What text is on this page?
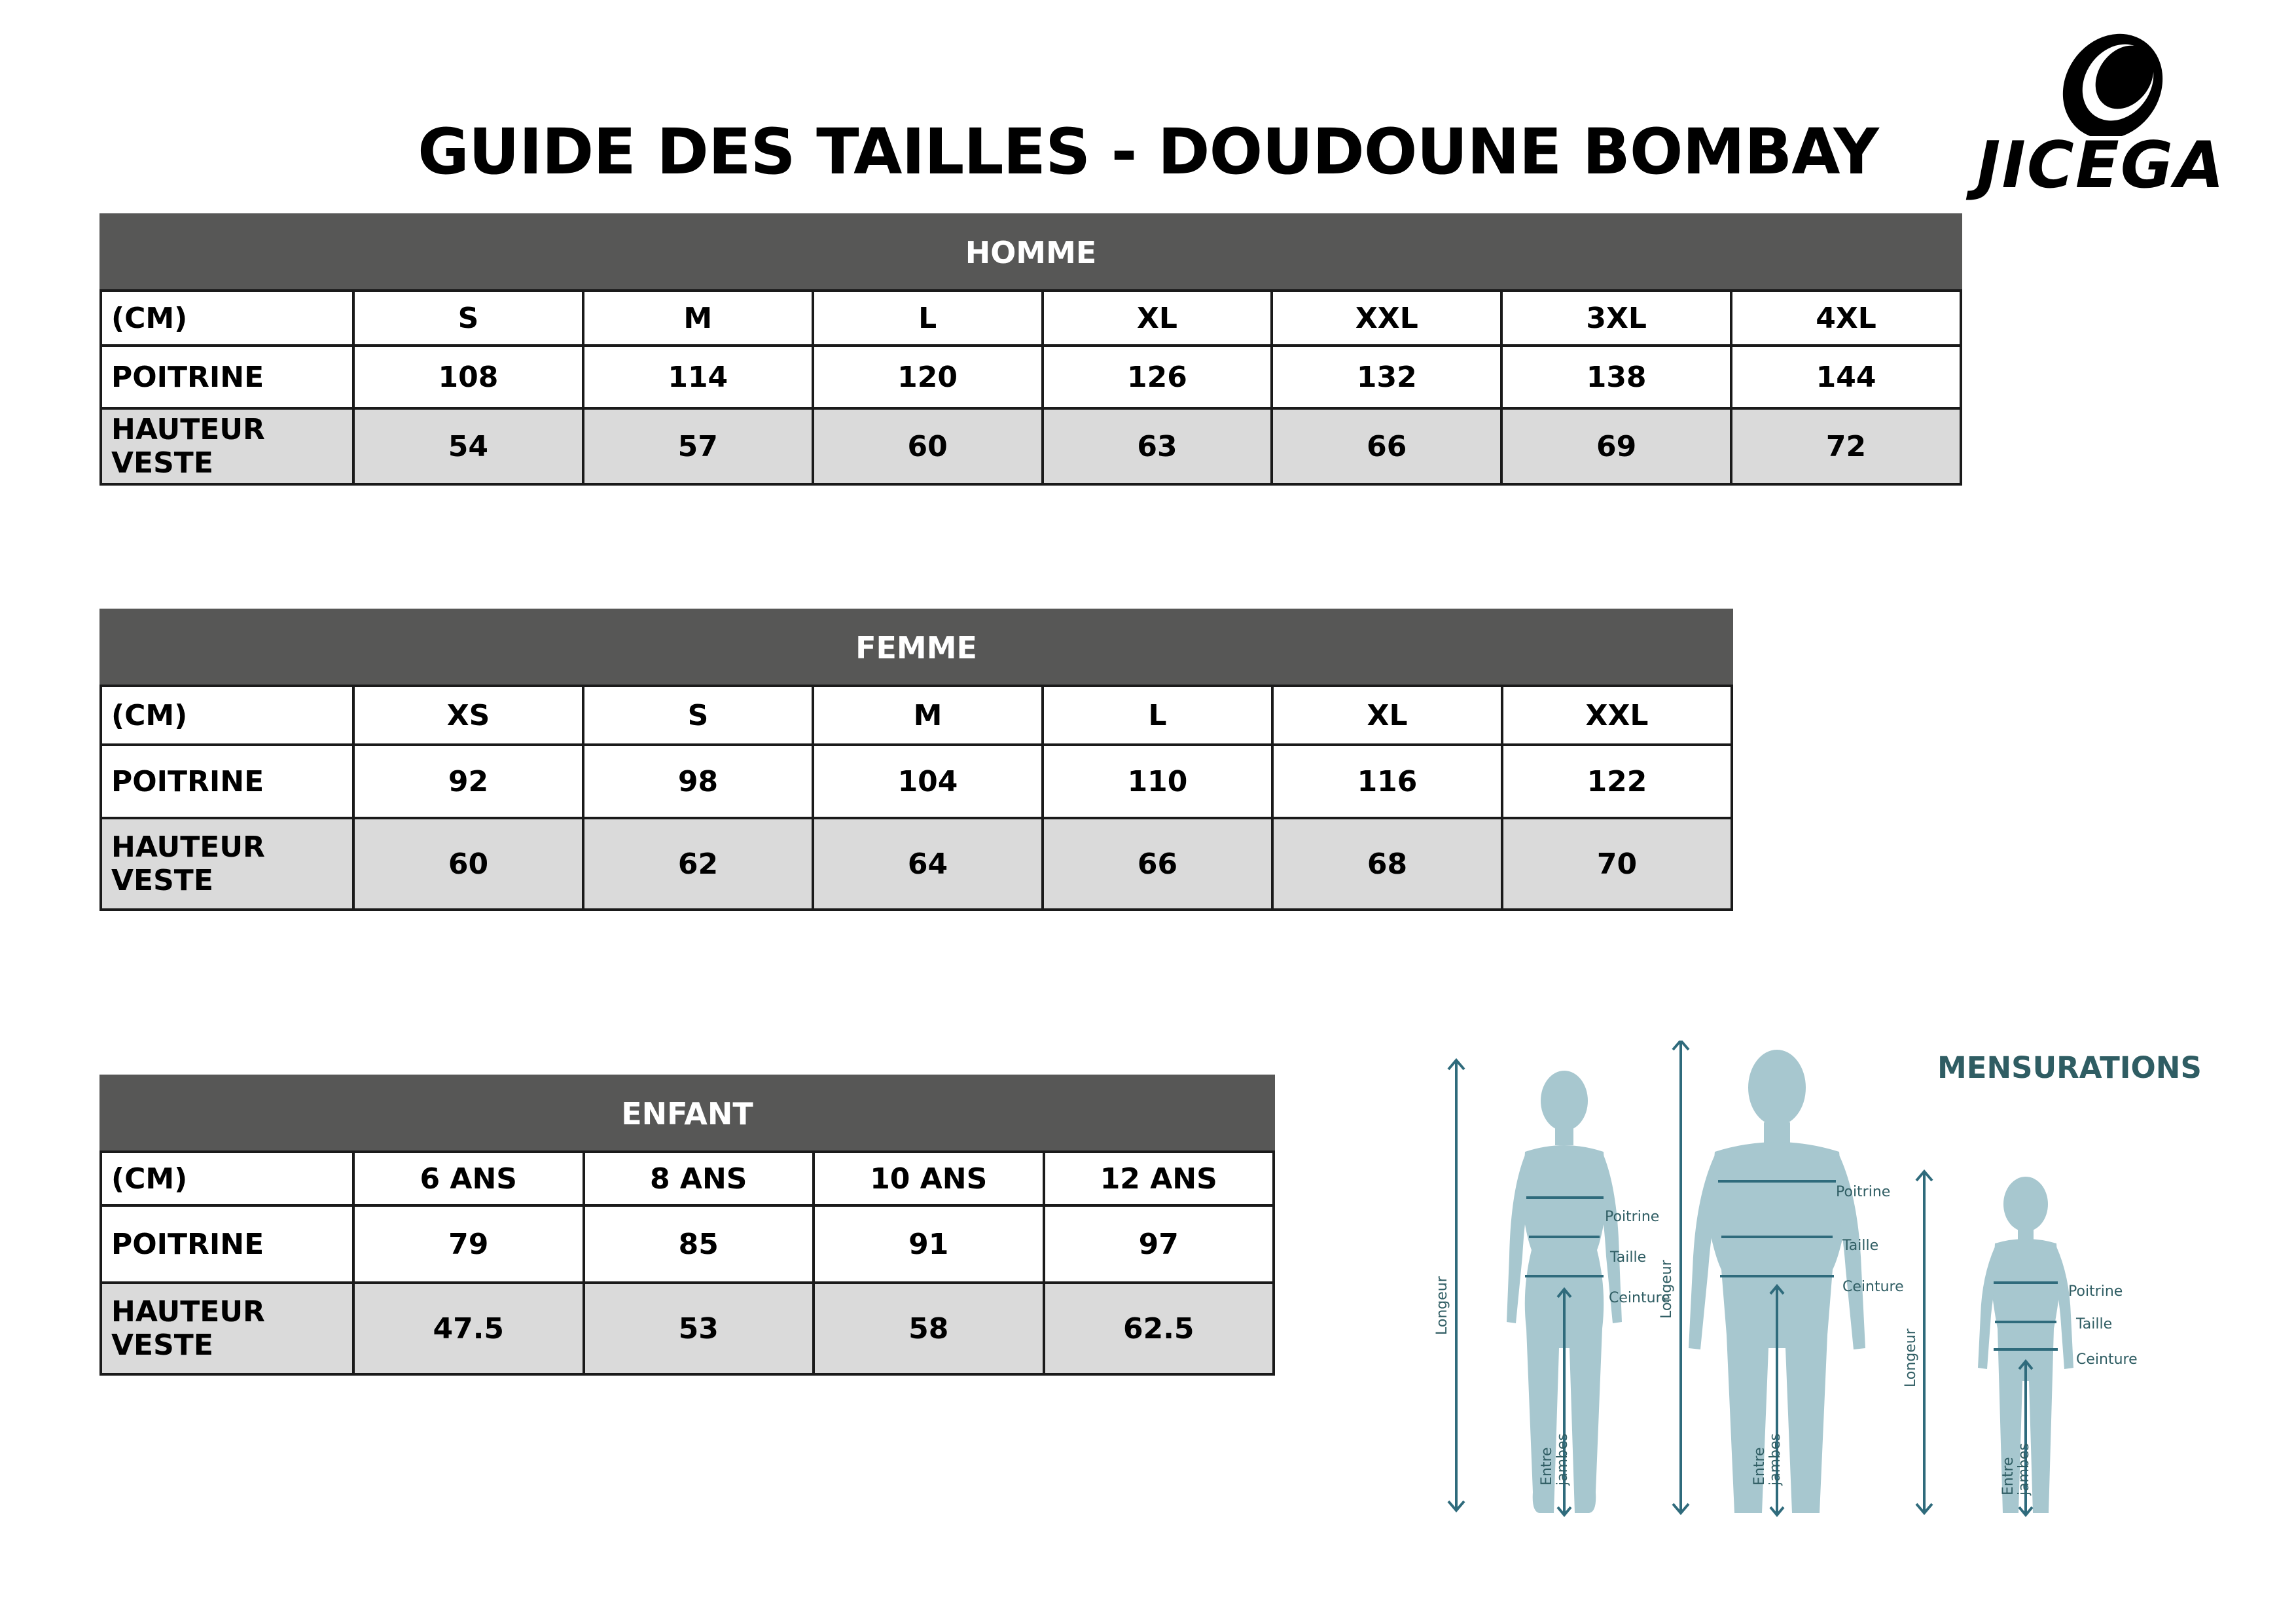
GUIDE DES TAILLES - DOUDOUNE BOMBAY	JICEGA
HOMME							
(CM)	S	M	L	XL	XXL	3XL	4XL
POITRINE	108	114	120	126	132	138	144
HAUTEUR VESTE	54	57	60	63	66	69	72
FEMME						
(CM)	XS	S	M	L	XL	XXL
POITRINE	92	98	104	110	116	122
HAUTEUR VESTE	60	62	64	66	68	70
ENFANT				
(CM)	6 ANS	8 ANS	10 ANS	12 ANS
POITRINE	79	85	91	97
HAUTEUR VESTE	47.5	53	58	62.5
MENSURATIONS
Poitrine
Taille
Ceinture
Poitrine
Taille
Ceinture	Poitrine
Taille
Ceinture
Longeur	Longeur
Longeur
Entre jambes	Entre jambes	Entre jambes
